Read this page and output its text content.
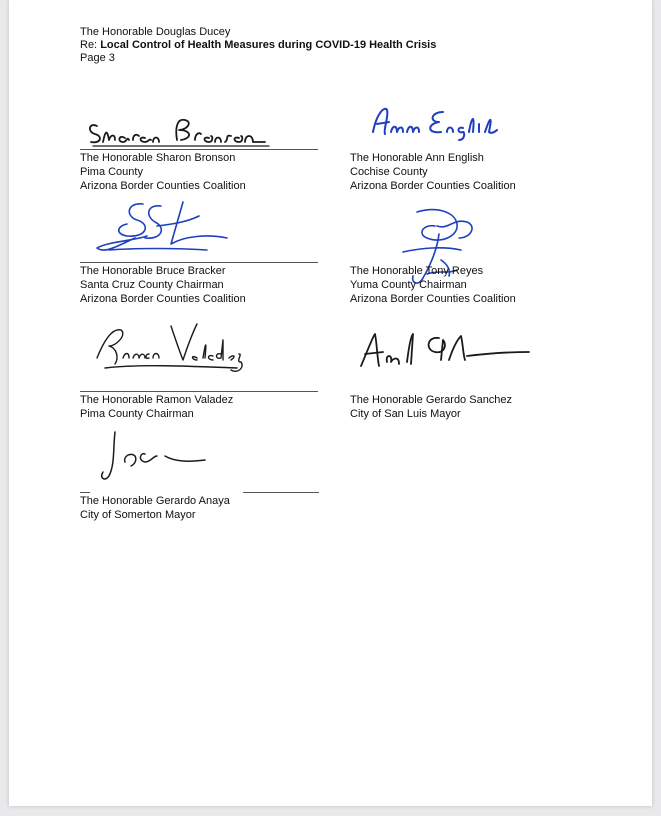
The Honorable Douglas Ducey
Re: Local Control of Health Measures during COVID-19 Health Crisis
Page 3
The Honorable Sharon Bronson
Pima County
Arizona Border Counties Coalition
The Honorable Ann English
Cochise County
Arizona Border Counties Coalition
The Honorable Bruce Bracker
Santa Cruz County Chairman
Arizona Border Counties Coalition
The Honorable Tony Reyes
Yuma County Chairman
Arizona Border Counties Coalition
The Honorable Ramon Valadez
Pima County Chairman
The Honorable Gerardo Sanchez
City of San Luis Mayor
The Honorable Gerardo Anaya
City of Somerton Mayor
